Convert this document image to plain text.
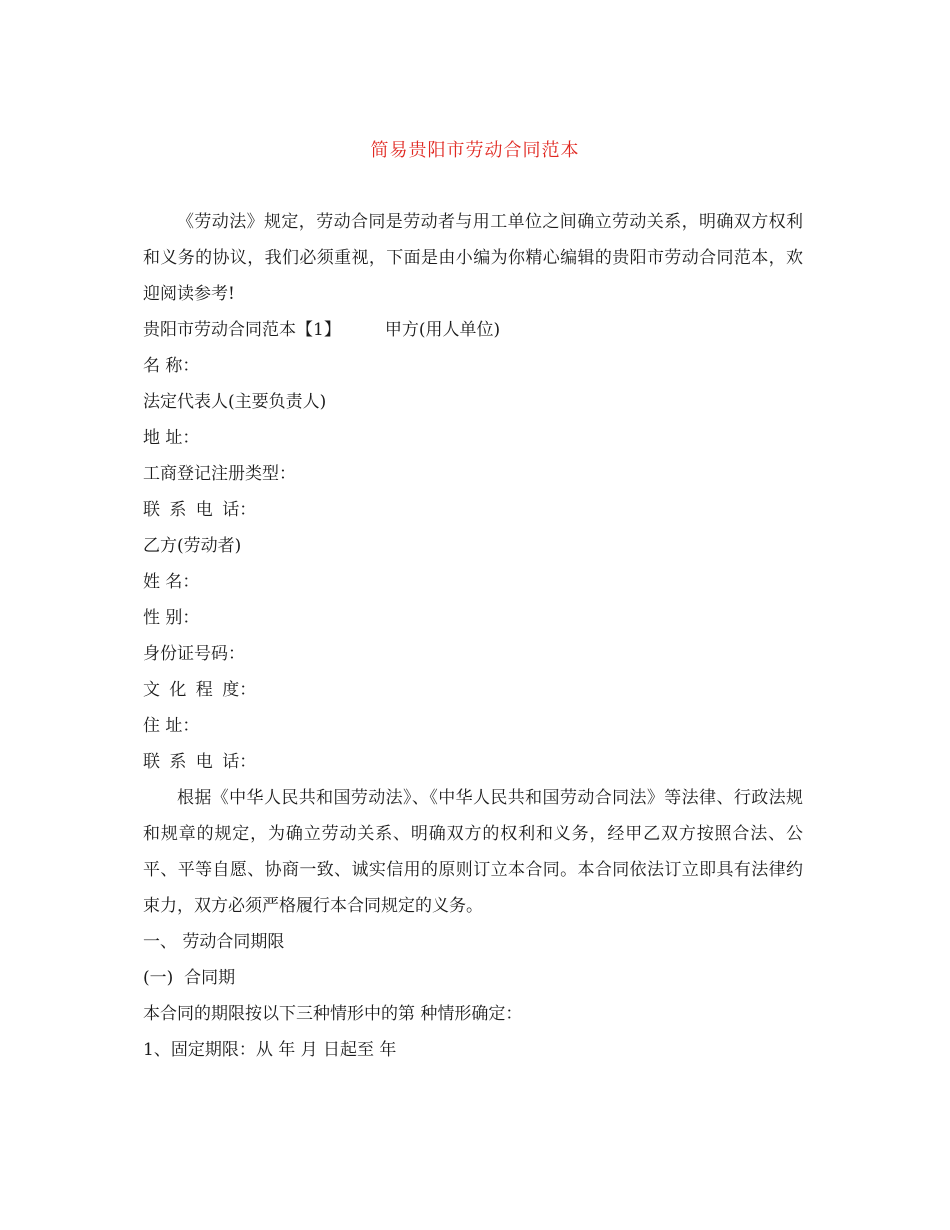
简易贵阳市劳动合同范本

《劳动法》规定，劳动合同是劳动者与用工单位之间确立劳动关系，明确双方权利和义务的协议，我们必须重视，下面是由小编为你精心编辑的贵阳市劳动合同范本，欢迎阅读参考!

贵阳市劳动合同范本【1】	甲方(用人单位)

名 称：

法定代表人(主要负责人)

地 址：

工商登记注册类型：

联 系 电 话：

乙方(劳动者)

姓 名：

性 别：

身份证号码：

文 化 程 度：

住 址：

联 系 电 话：

根据《中华人民共和国劳动法》、《中华人民共和国劳动合同法》等法律、行政法规和规章的规定，为确立劳动关系、明确双方的权利和义务，经甲乙双方按照合法、公平、平等自愿、协商一致、诚实信用的原则订立本合同。本合同依法订立即具有法律约束力，双方必须严格履行本合同规定的义务。

一、 劳动合同期限

(一)  合同期

本合同的期限按以下三种情形中的第 种情形确定：

1、固定期限：从 年 月 日起至 年
